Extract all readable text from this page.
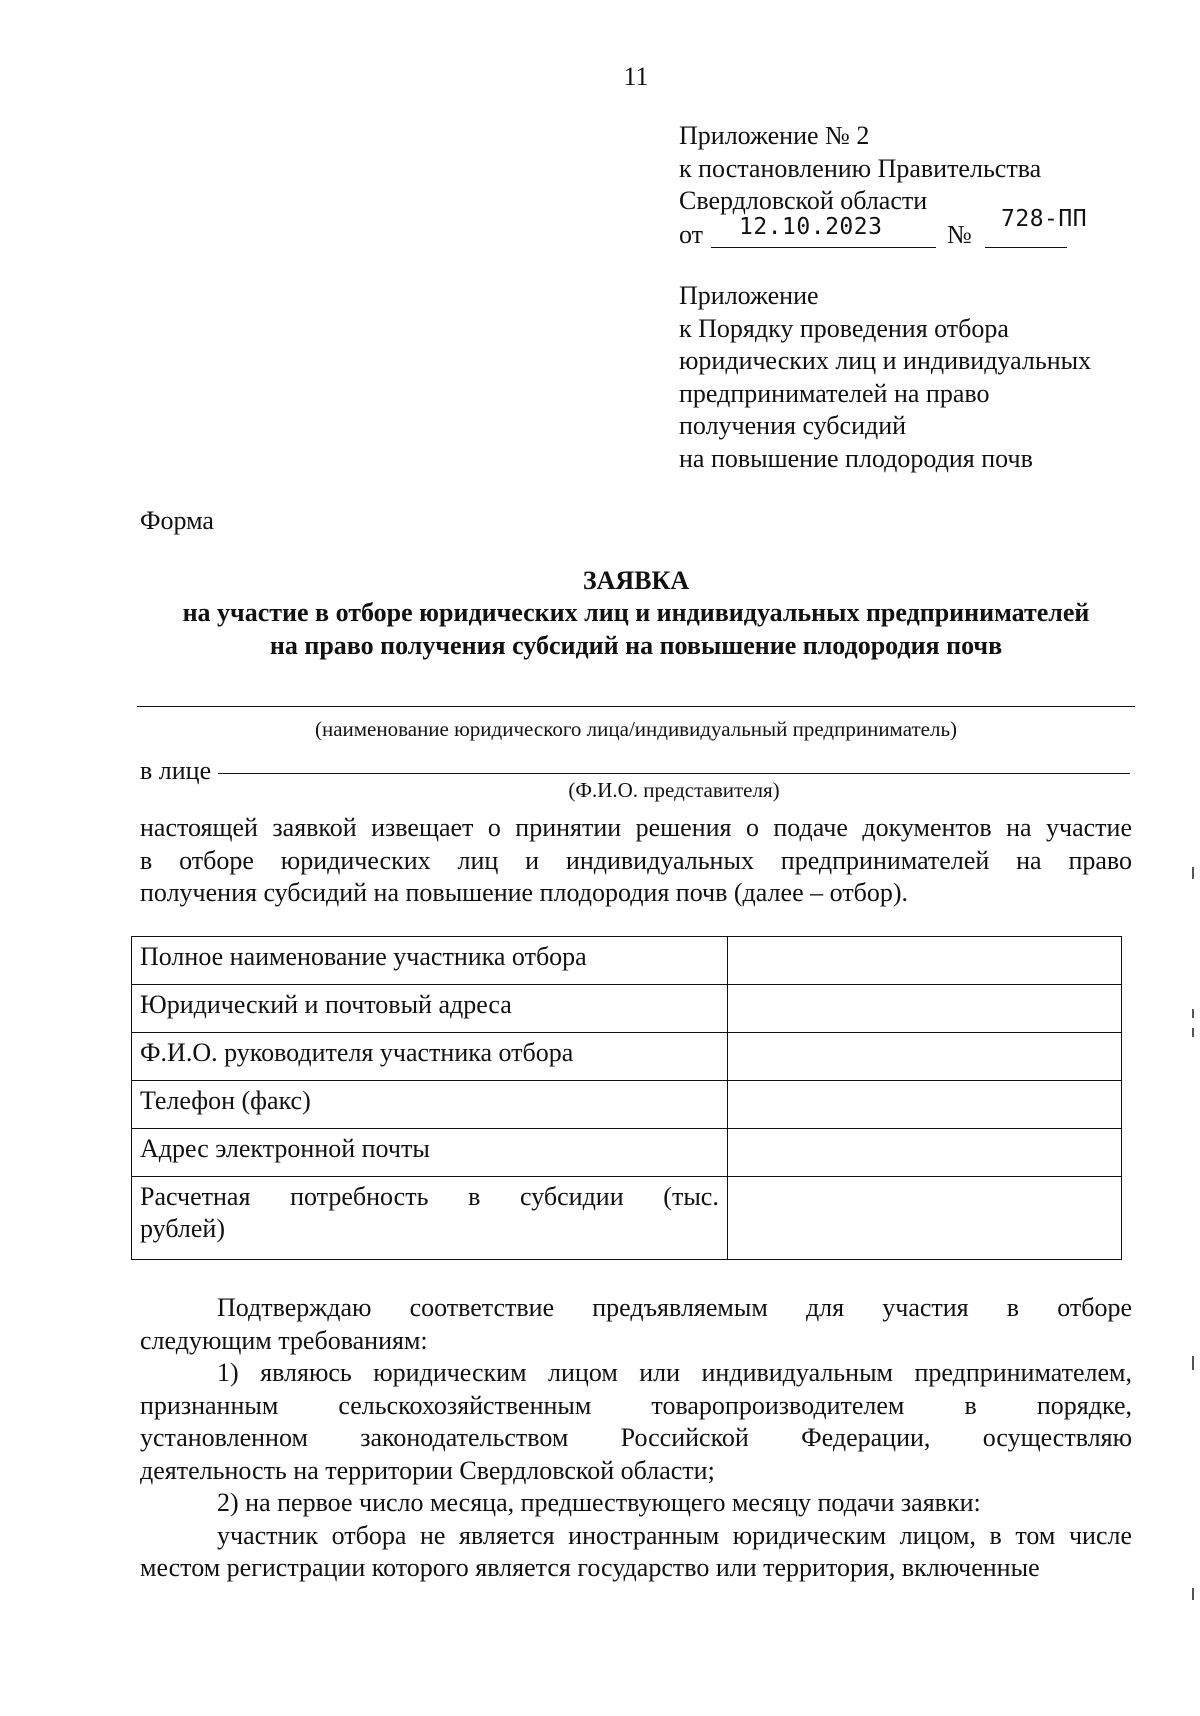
11
Приложение № 2
к постановлению Правительства
Свердловской области
от 12.10.2023 №
728-ПП
Приложение
к Порядку проведения отбора
юридических лиц и индивидуальных
предпринимателей на право
получения субсидий
на повышение плодородия почв
Форма
ЗАЯВКА
на участие в отборе юридических лиц и индивидуальных предпринимателей
на право получения субсидий на повышение плодородия почв
(наименование юридического лица/индивидуальный предприниматель)
в лице
(Ф.И.О. представителя)
настоящей заявкой извещает о принятии решения о подаче документов на участие
в отборе юридических лиц и индивидуальных предпринимателей на право
получения субсидий на повышение плодородия почв (далее – отбор).
Полное наименование участника отбора	
Юридический и почтовый адреса	
Ф.И.О. руководителя участника отбора	
Телефон (факс)	
Адрес электронной почты	

Расчетная потребность в субсидии (тыс.
рублей)	

Подтверждаю соответствие предъявляемым для участия в отборе
следующим требованиям:
1) являюсь юридическим лицом или индивидуальным предпринимателем,
признанным сельскохозяйственным товаропроизводителем в порядке,
установленном законодательством Российской Федерации, осуществляю
деятельность на территории Свердловской области;
2) на первое число месяца, предшествующего месяцу подачи заявки:
участник отбора не является иностранным юридическим лицом, в том числе
местом регистрации которого является государство или территория, включенные
